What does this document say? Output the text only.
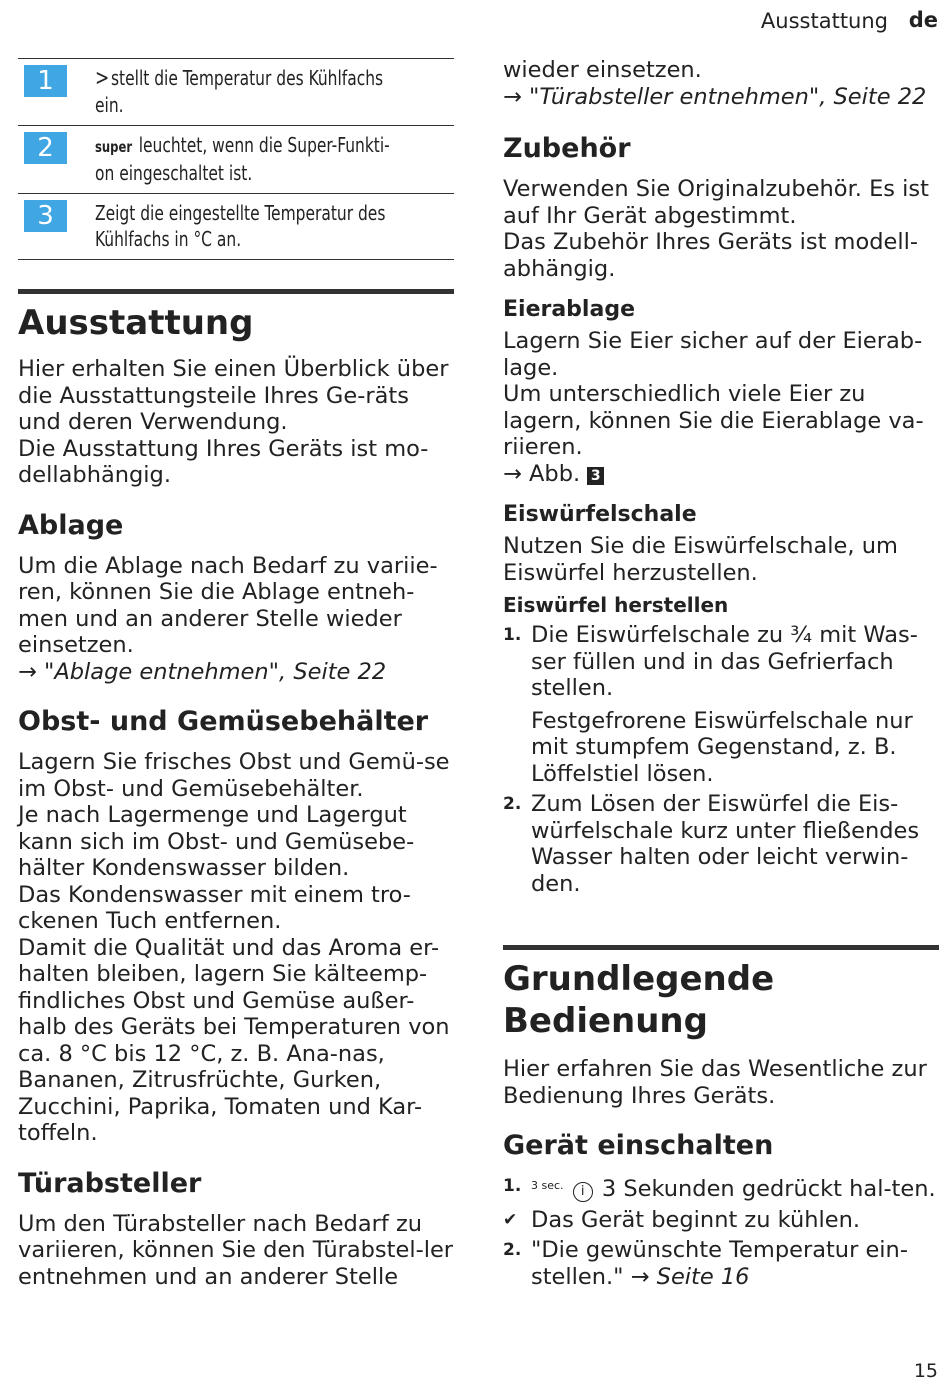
Ausstattung de
1	>stellt die Temperatur des Kühlfachs ein.
2	super leuchtet, wenn die Super-Funkti-on eingeschaltet ist.
3	Zeigt die eingestellte Temperatur des Kühlfachs in °C an.
Ausstattung

Hier erhalten Sie einen Überblick über die Ausstattungsteile Ihres Ge-räts und deren Verwendung.

Die Ausstattung Ihres Geräts ist mo-dellabhängig.

Ablage

Um die Ablage nach Bedarf zu variie-ren, können Sie die Ablage entneh-men und an anderer Stelle wieder einsetzen.

→ "Ablage entnehmen", Seite 22

Obst- und Gemüsebehälter

Lagern Sie frisches Obst und Gemü-se im Obst- und Gemüsebehälter.

Je nach Lagermenge und Lagergut kann sich im Obst- und Gemüsebe-hälter Kondenswasser bilden.

Das Kondenswasser mit einem tro-ckenen Tuch entfernen.

Damit die Qualität und das Aroma er-halten bleiben, lagern Sie kälteemp-findliches Obst und Gemüse außer-halb des Geräts bei Temperaturen von ca. 8 °C bis 12 °C, z. B. Ana-nas, Bananen, Zitrusfrüchte, Gurken, Zucchini, Paprika, Tomaten und Kar-toffeln.

Türabsteller

Um den Türabsteller nach Bedarf zu variieren, können Sie den Türabstel-ler entnehmen und an anderer Stelle

wieder einsetzen.

→ "Türabsteller entnehmen", Seite 22

Zubehör

Verwenden Sie Originalzubehör. Es ist auf Ihr Gerät abgestimmt.

Das Zubehör Ihres Geräts ist modell-abhängig.

Eierablage

Lagern Sie Eier sicher auf der Eierab-lage.

Um unterschiedlich viele Eier zu lagern, können Sie die Eierablage va-riieren.

→ Abb. 3

Eiswürfelschale

Nutzen Sie die Eiswürfelschale, um Eiswürfel herzustellen.

Eiswürfel herstellen
1. Die Eiswürfelschale zu ¾ mit Was-ser füllen und in das Gefrierfach stellen.

Festgefrorene Eiswürfelschale nur mit stumpfem Gegenstand, z. B. Löffelstiel lösen.

2. Zum Lösen der Eiswürfel die Eis-würfelschale kurz unter fließendes Wasser halten oder leicht verwin-den.
Grundlegende Bedienung

Hier erfahren Sie das Wesentliche zur Bedienung Ihres Geräts.

Gerät einschalten
1. $^{3 sec.}$ i 3 Sekunden gedrückt hal-ten.
✔ Das Gerät beginnt zu kühlen.
2. "Die gewünschte Temperatur ein-stellen." → Seite 16
15
